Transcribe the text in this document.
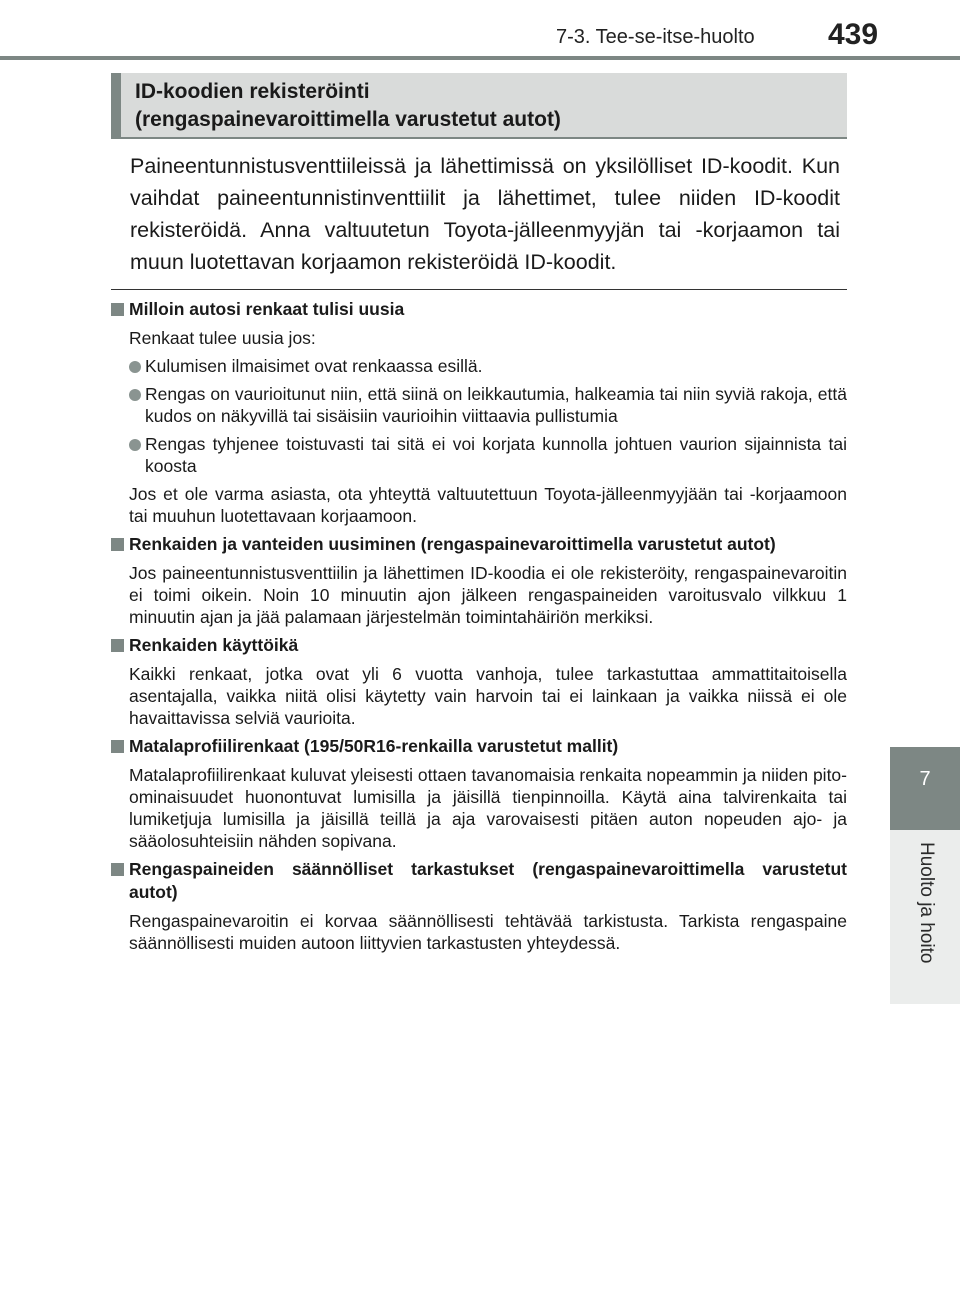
7-3. Tee-se-itse-huolto 439
7
Huolto ja hoito
ID-koodien rekisteröinti
(rengaspainevaroittimella varustetut autot)
Paineentunnistusventtiileissä ja lähettimissä on yksilölliset ID-koodit. Kun vaihdat paineentunnistinventtiilit ja lähettimet, tulee niiden ID-koodit rekisteröidä. Anna valtuutetun Toyota-jälleenmyyjän tai -korjaamon tai muun luotettavan korjaamon rekisteröidä ID-koodit.
Milloin autosi renkaat tulisi uusia
Renkaat tulee uusia jos:
Kulumisen ilmaisimet ovat renkaassa esillä.
Rengas on vaurioitunut niin, että siinä on leikkautumia, halkeamia tai niin syviä rakoja, että kudos on näkyvillä tai sisäisiin vaurioihin viittaavia pullistumia
Rengas tyhjenee toistuvasti tai sitä ei voi korjata kunnolla johtuen vaurion sijainnista tai koosta
Jos et ole varma asiasta, ota yhteyttä valtuutettuun Toyota-jälleenmyyjään tai -korjaamoon tai muuhun luotettavaan korjaamoon.
Renkaiden ja vanteiden uusiminen (rengaspainevaroittimella varustetut autot)
Jos paineentunnistusventtiilin ja lähettimen ID-koodia ei ole rekisteröity, rengaspainevaroitin ei toimi oikein. Noin 10 minuutin ajon jälkeen rengaspaineiden varoitusvalo vilkkuu 1 minuutin ajan ja jää palamaan järjestelmän toimintahäiriön merkiksi.
Renkaiden käyttöikä
Kaikki renkaat, jotka ovat yli 6 vuotta vanhoja, tulee tarkastuttaa ammattitaitoisella asentajalla, vaikka niitä olisi käytetty vain harvoin tai ei lainkaan ja vaikka niissä ei ole havaittavissa selviä vaurioita.
Matalaprofiilirenkaat (195/50R16-renkailla varustetut mallit)
Matalaprofiilirenkaat kuluvat yleisesti ottaen tavanomaisia renkaita nopeammin ja niiden pito-ominaisuudet huonontuvat lumisilla ja jäisillä tienpinnoilla. Käytä aina talvirenkaita tai lumiketjuja lumisilla ja jäisillä teillä ja aja varovaisesti pitäen auton nopeuden ajo- ja sääolosuhteisiin nähden sopivana.
Rengaspaineiden säännölliset tarkastukset (rengaspainevaroittimella varustetut autot)
Rengaspainevaroitin ei korvaa säännöllisesti tehtävää tarkistusta. Tarkista rengaspaine säännöllisesti muiden autoon liittyvien tarkastusten yhteydessä.
